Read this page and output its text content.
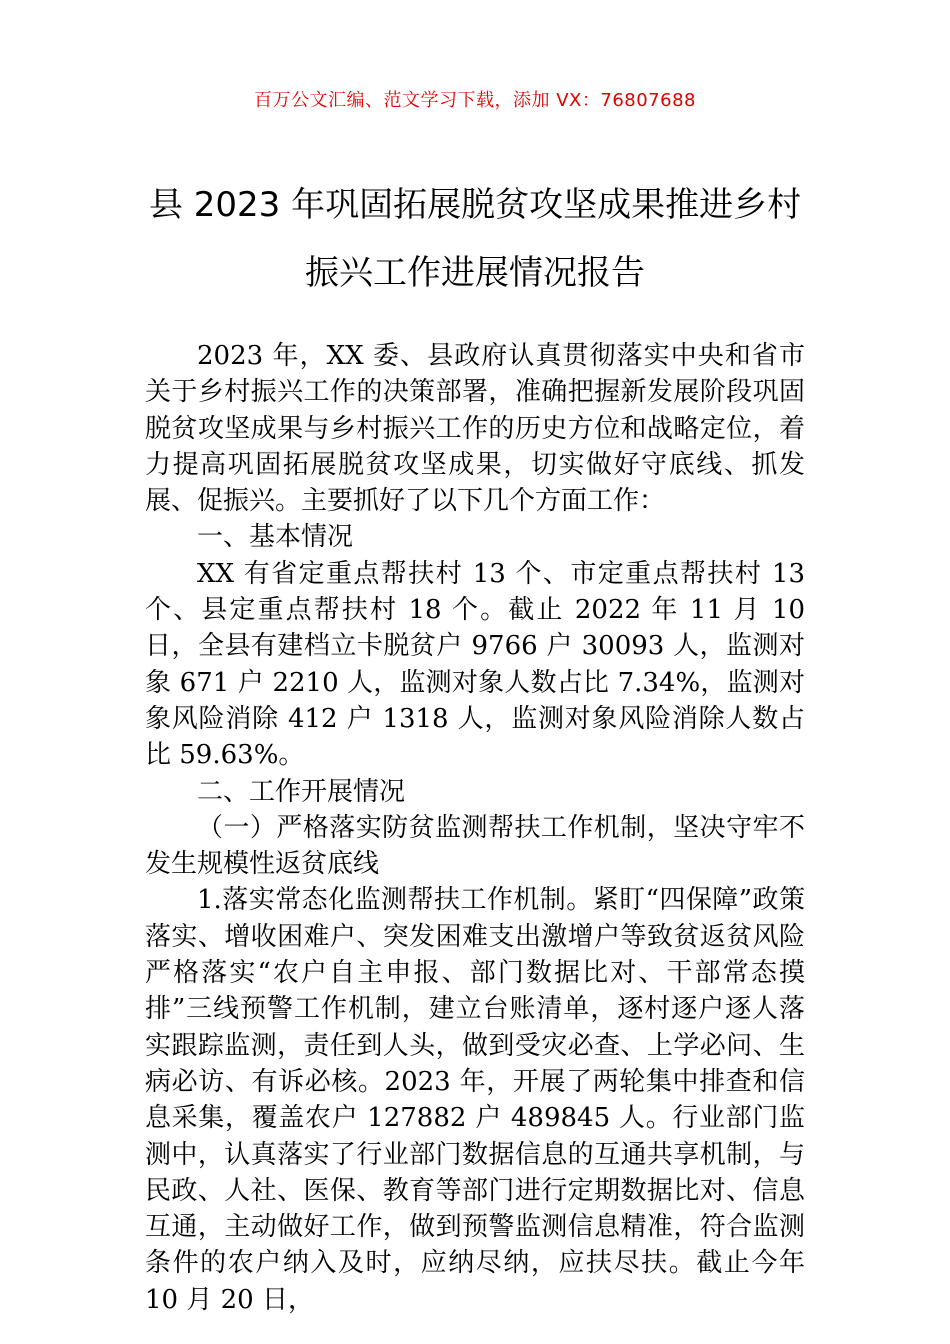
百万公文汇编、范文学习下载，添加 VX：76807688
县 2023 年巩固拓展脱贫攻坚成果推进乡村
振兴工作进展情况报告

2023 年，XX 委、县政府认真贯彻落实中央和省市关于乡村振兴工作的决策部署，准确把握新发展阶段巩固脱贫攻坚成果与乡村振兴工作的历史方位和战略定位，着力提高巩固拓展脱贫攻坚成果，切实做好守底线、抓发展、促振兴。主要抓好了以下几个方面工作：

一、基本情况

XX 有省定重点帮扶村 13 个、市定重点帮扶村 13 个、县定重点帮扶村 18 个。截止 2022 年 11 月 10 日，全县有建档立卡脱贫户 9766 户 30093 人，监测对象 671 户 2210 人，监测对象人数占比 7.34%，监测对象风险消除 412 户 1318 人，监测对象风险消除人数占比 59.63%。

二、工作开展情况

（一）严格落实防贫监测帮扶工作机制，坚决守牢不发生规模性返贫底线

1.落实常态化监测帮扶工作机制。紧盯“四保障”政策落实、增收困难户、突发困难支出激增户等致贫返贫风险严格落实“农户自主申报、部门数据比对、干部常态摸排”三线预警工作机制，建立台账清单，逐村逐户逐人落实跟踪监测，责任到人头，做到受灾必查、上学必问、生病必访、有诉必核。2023 年，开展了两轮集中排查和信息采集，覆盖农户 127882 户 489845 人。行业部门监测中，认真落实了行业部门数据信息的互通共享机制，与民政、人社、医保、教育等部门进行定期数据比对、信息互通，主动做好工作，做到预警监测信息精准，符合监测条件的农户纳入及时，应纳尽纳，应扶尽扶。截止今年 10 月 20 日，
